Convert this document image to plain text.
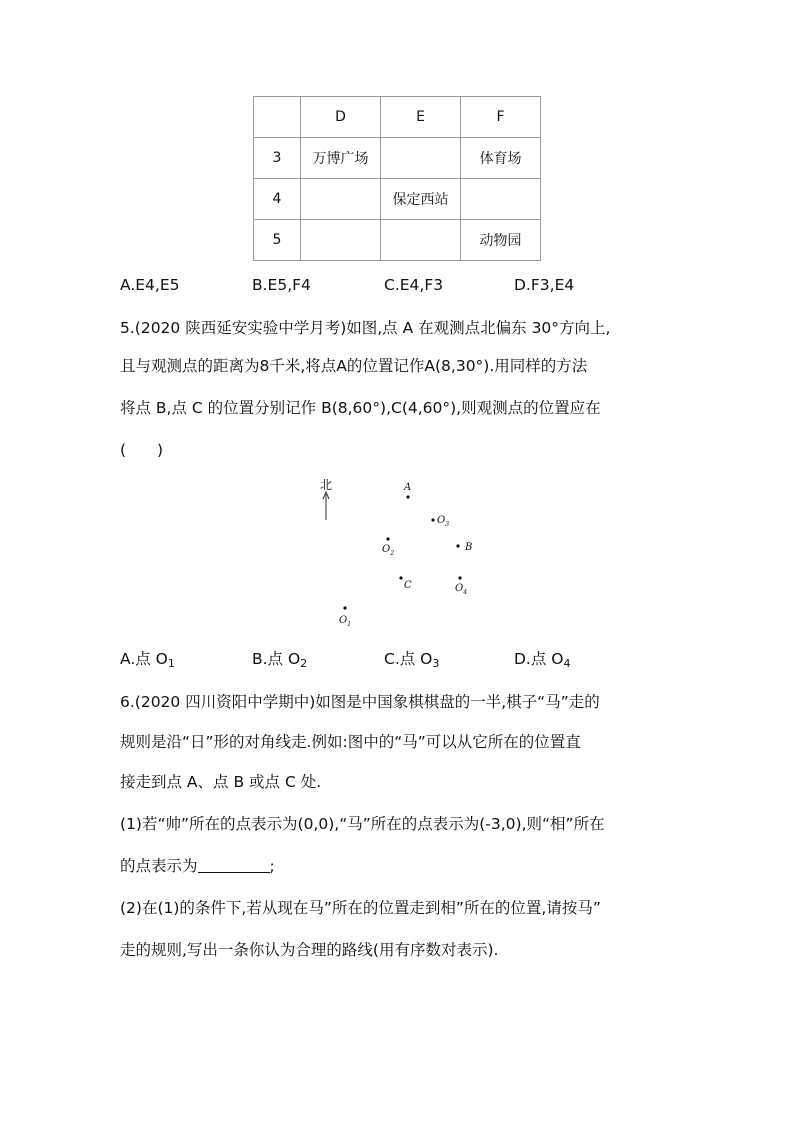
	D	E	F
3	万博广场		体育场
4		保定西站	
5			动物园
A.E4,E5	B.E5,F4	C.E4,F3	D.F3,E4
5.(2020 陕西延安实验中学月考)如图,点 A 在观测点北偏东 30°方向上,
且与观测点的距离为8千米,将点A的位置记作A(8,30°).用同样的方法
将点 B,点 C 的位置分别记作 B(8,60°),C(4,60°),则观测点的位置应在
(　　)
北	A
$O_3$
$O_2$
B
C	$O_4$
$O_1$
A.点 $O_1$	B.点 $O_2$	C.点 $O_3$	D.点 $O_4$
6.(2020 四川资阳中学期中)如图是中国象棋棋盘的一半,棋子“马”走的
规则是沿“日”形的对角线走.例如:图中的“马”可以从它所在的位置直
接走到点 A、点 B 或点 C 处.
(1)若“帅”所在的点表示为(0,0),“马”所在的点表示为(-3,0),则“相”所在
的点表示为	;
(2)在(1)的条件下,若从现在马”所在的位置走到相”所在的位置,请按马”
走的规则,写出一条你认为合理的路线(用有序数对表示).
